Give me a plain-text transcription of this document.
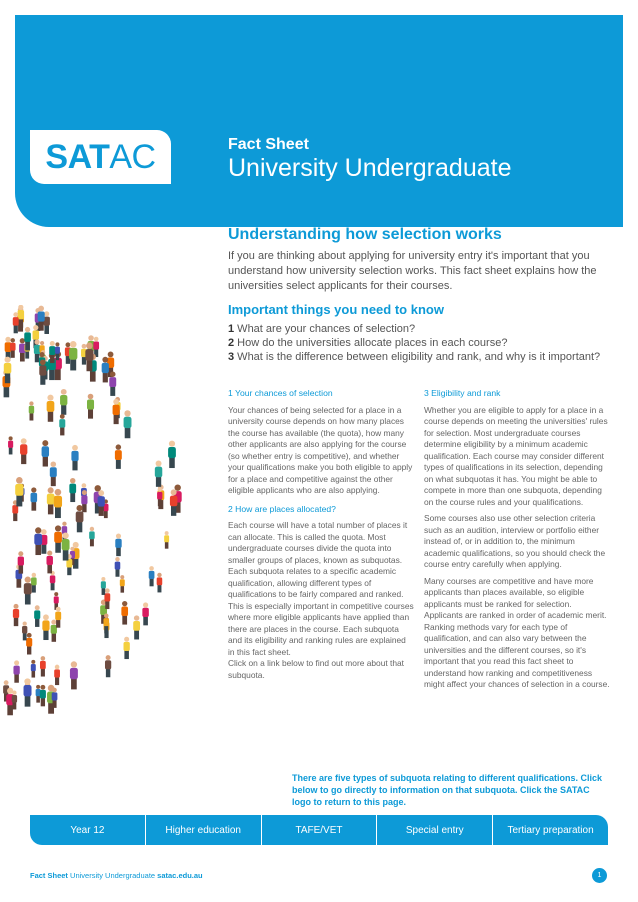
SAT AC	Fact Sheet
University Undergraduate
Understanding how selection works
If you are thinking about applying for university entry it's important that you understand how university selection works. This fact sheet explains how the universities select applicants for their courses.
Important things you need to know
1 What are your chances of selection?
2 How do the universities allocate places in each course?
3 What is the difference between eligibility and rank, and why is it important?
1 Your chances of selection

Your chances of being selected for a place in a university course depends on how many places the course has available (the quota), how many other applicants are also applying for the course (so whether entry is competitive), and whether your qualifications make you both eligible to apply for a place and competitive against the other eligible applicants who are also applying.

2 How are places allocated?

Each course will have a total number of places it can allocate. This is called the quota. Most undergraduate courses divide the quota into smaller groups of places, known as subquotas. Each subquota relates to a specific academic qualification, allowing different types of qualifications to be fairly compared and ranked. This is especially important in competitive courses where more eligible applicants have applied than there are places in the course. Each subquota and its eligibility and ranking rules are explained in this fact sheet.

Click on a link below to find out more about that subquota.

3 Eligibility and rank

Whether you are eligible to apply for a place in a course depends on meeting the universities' rules for selection. Most undergraduate courses determine eligibility by a minimum academic qualification. Each course may consider different types of qualifications in its selection, depending on what subquotas it has. You might be able to compete in more than one subquota, depending on the course rules and your qualifications.

Some courses also use other selection criteria such as an audition, interview or portfolio either instead of, or in addition to, the minimum academic qualifications, so you should check the course entry carefully when applying.

Many courses are competitive and have more applicants than places available, so eligible applicants must be ranked for selection. Applicants are ranked in order of academic merit. Ranking methods vary for each type of qualification, and can also vary between the universities and the different courses, so it's important that you read this fact sheet to understand how ranking and competitiveness might affect your chances of selection in a course.

There are five types of subquota relating to different qualifications. Click below to go directly to information on that subquota. Click the SATAC logo to return to this page.
Year 12	Higher education	TAFE/VET	Special entry	Tertiary preparation
Fact Sheet University Undergraduate satac.edu.au	1
